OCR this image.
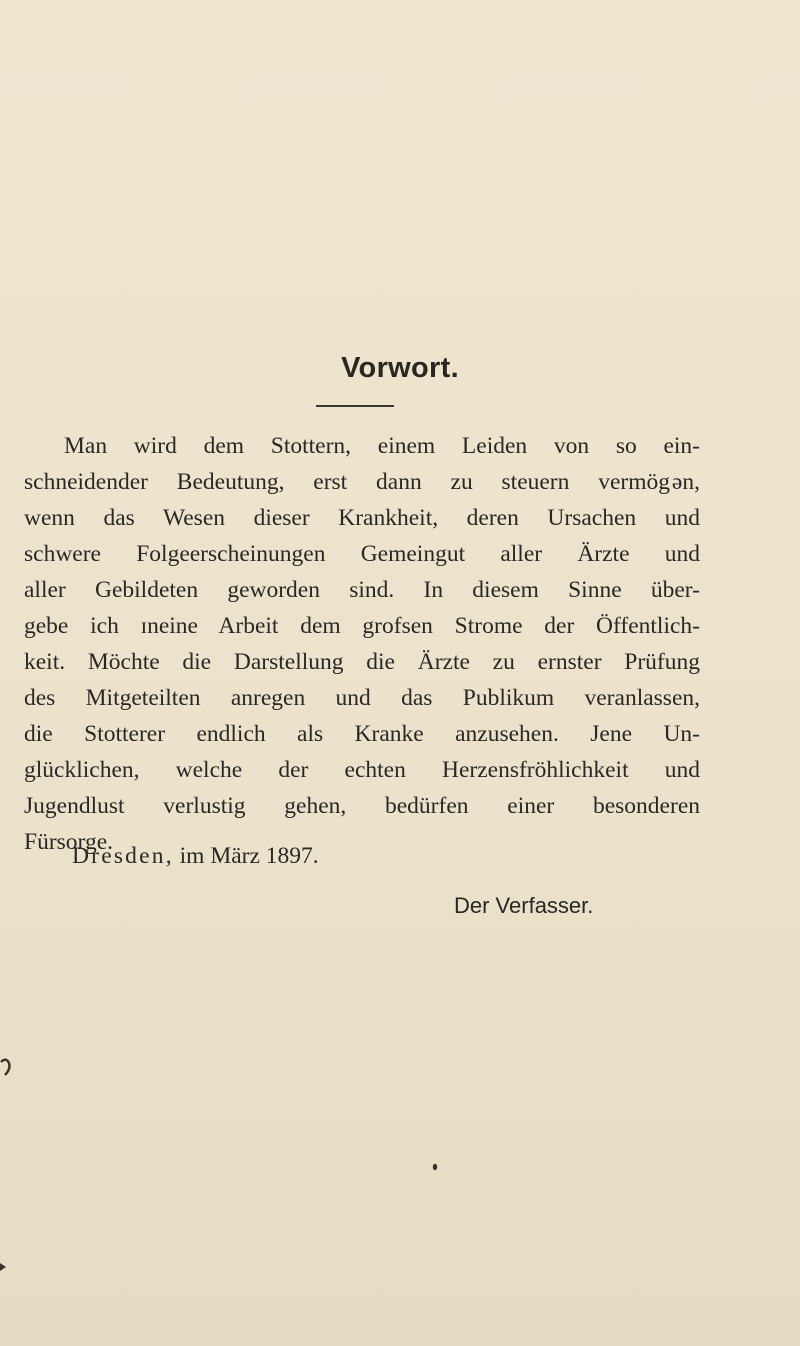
Vorwort.
Man wird dem Stottern, einem Leiden von so ein-
schneidender Bedeutung, erst dann zu steuern vermög ǝn,
wenn das Wesen dieser Krankheit, deren Ursachen und
schwere Folgeerscheinungen Gemeingut aller Ärzte und
aller Gebildeten geworden sind. In diesem Sinne über-
gebe ich ɪneine Arbeit dem grofsen Strome der Öffentlich-
keit. Möchte die Darstellung die Ärzte zu ernster Prüfung
des Mitgeteilten anregen und das Publikum veranlassen,
die Stotterer endlich als Kranke anzusehen. Jene Un-
glücklichen, welche der echten Herzensfröhlichkeit und
Jugendlust verlustig gehen, bedürfen einer besonderen
Fürsorge.
Dresden, im März 1897.
Der Verfasser.
